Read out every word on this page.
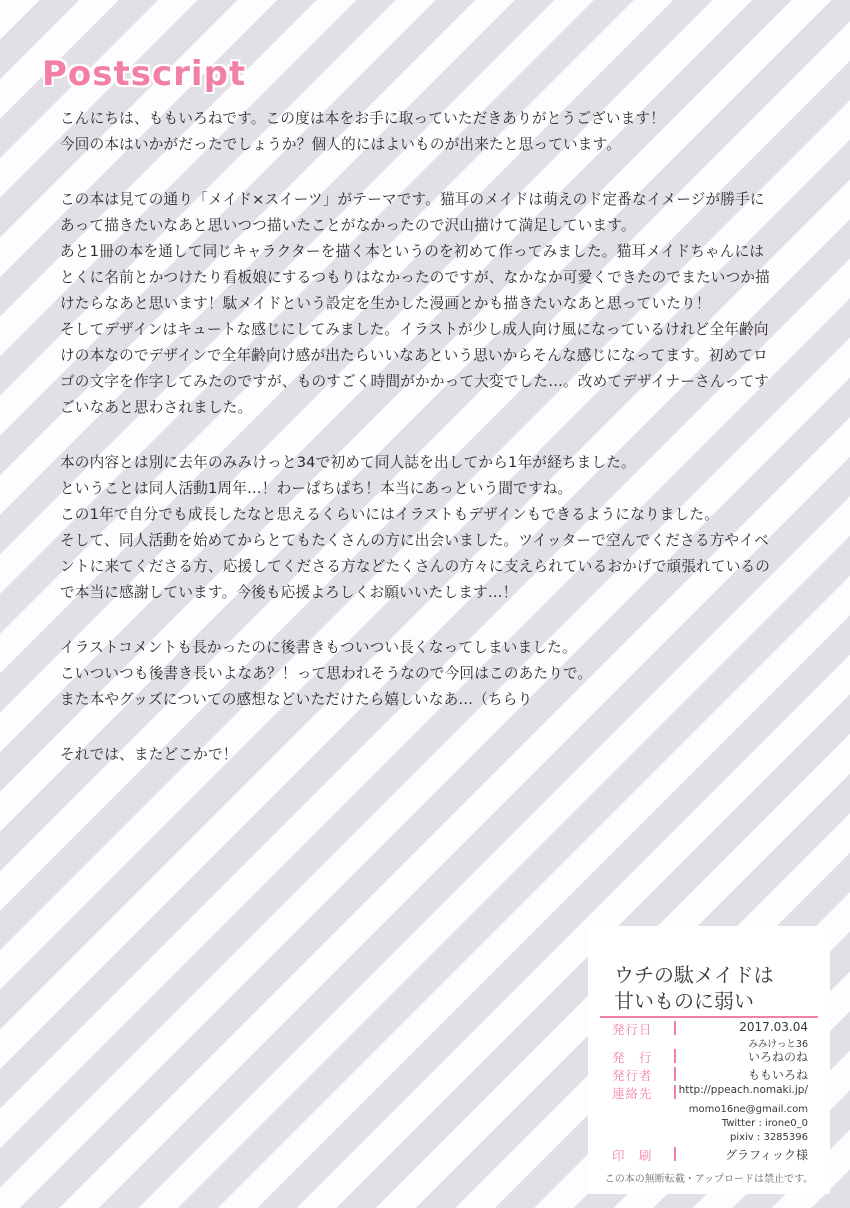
Postscript
こんにちは、ももいろねです。この度は本をお手に取っていただきありがとうございます！
今回の本はいかがだったでしょうか？個人的にはよいものが出来たと思っています。
この本は見ての通り「メイド×スイーツ」がテーマです。猫耳のメイドは萌えのド定番なイメージが勝手に
あって描きたいなあと思いつつ描いたことがなかったので沢山描けて満足しています。
あと1冊の本を通して同じキャラクターを描く本というのを初めて作ってみました。猫耳メイドちゃんには
とくに名前とかつけたり看板娘にするつもりはなかったのですが、なかなか可愛くできたのでまたいつか描
けたらなあと思います！駄メイドという設定を生かした漫画とかも描きたいなあと思っていたり！
そしてデザインはキュートな感じにしてみました。イラストが少し成人向け風になっているけれど全年齢向
けの本なのでデザインで全年齢向け感が出たらいいなあという思いからそんな感じになってます。初めてロ
ゴの文字を作字してみたのですが、ものすごく時間がかかって大変でした…。改めてデザイナーさんってす
ごいなあと思わされました。
本の内容とは別に去年のみみけっと34で初めて同人誌を出してから1年が経ちました。
ということは同人活動1周年…！わーぱちぱち！本当にあっという間ですね。
この1年で自分でも成長したなと思えるくらいにはイラストもデザインもできるようになりました。
そして、同人活動を始めてからとてもたくさんの方に出会いました。ツイッターで空んでくださる方やイベ
ントに来てくださる方、応援してくださる方などたくさんの方々に支えられているおかげで頑張れているの
で本当に感謝しています。今後も応援よろしくお願いいたします…！
イラストコメントも長かったのに後書きもついつい長くなってしまいました。
こいついつも後書き長いよなあ？！って思われそうなので今回はこのあたりで。
また本やグッズについての感想などいただけたら嬉しいなあ…（ちらり
それでは、またどこかで！
ウチの駄メイドは
甘いものに弱い
発行日	2017.03.04
みみけっと36
発　行	いろねのね
発行者	ももいろね
連絡先 http://ppeach.nomaki.jp/
momo16ne@gmail.com
Twitter : irone0_0
pixiv : 3285396
印　刷	グラフィック様
この本の無断転載・アップロードは禁止です。
